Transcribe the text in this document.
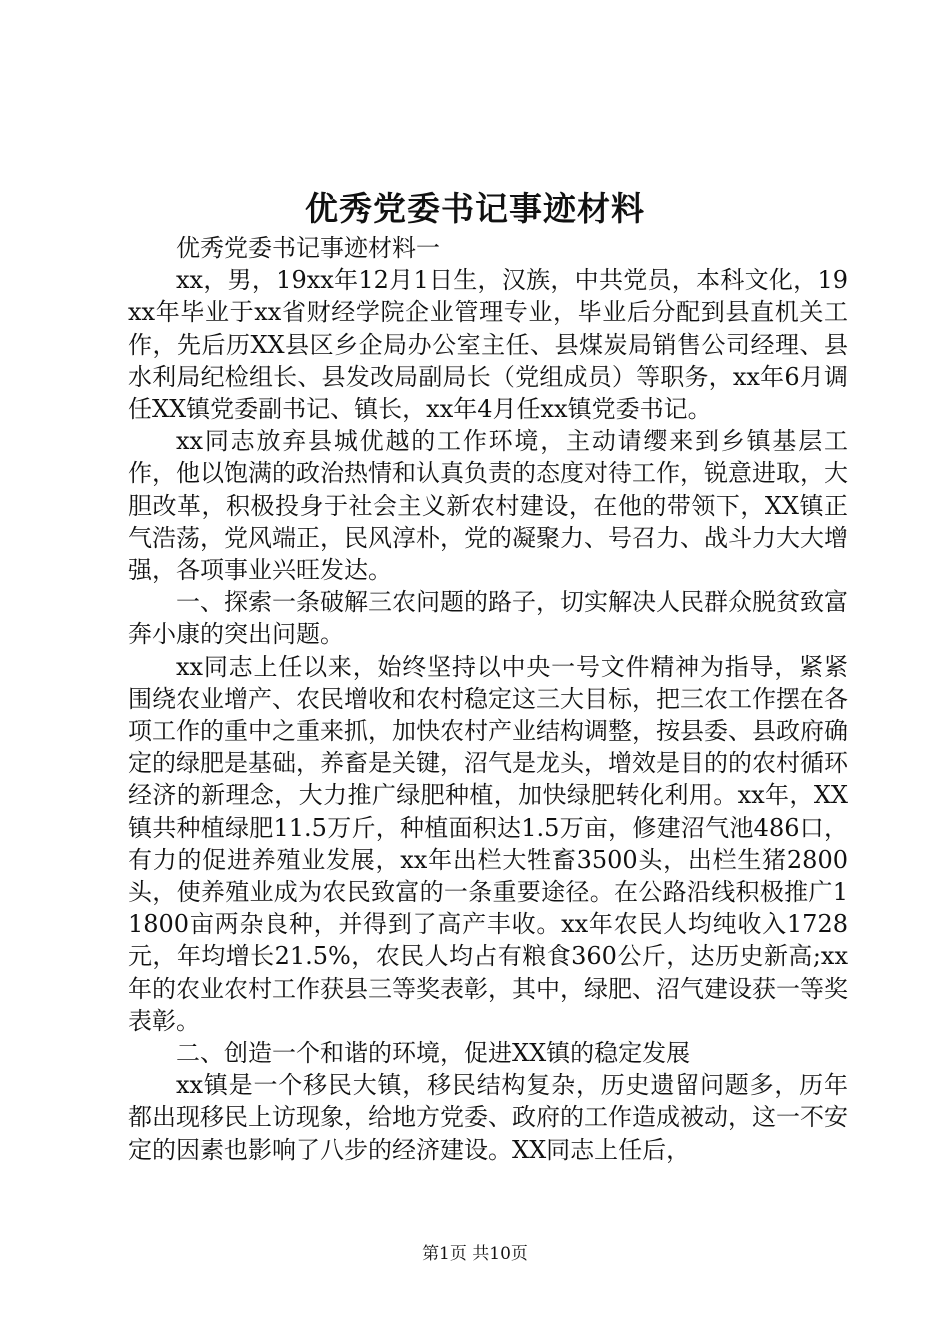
优秀党委书记事迹材料

优秀党委书记事迹材料一

xx，男，19xx年12月1日生，汉族，中共党员，本科文化，19xx年毕业于xx省财经学院企业管理专业，毕业后分配到县直机关工作，先后历XX县区乡企局办公室主任、县煤炭局销售公司经理、县水利局纪检组长、县发改局副局长（党组成员）等职务，xx年6月调任XX镇党委副书记、镇长，xx年4月任xx镇党委书记。

xx同志放弃县城优越的工作环境，主动请缨来到乡镇基层工作，他以饱满的政治热情和认真负责的态度对待工作，锐意进取，大胆改革，积极投身于社会主义新农村建设，在他的带领下，XX镇正气浩荡，党风端正，民风淳朴，党的凝聚力、号召力、战斗力大大增强，各项事业兴旺发达。

一、探索一条破解三农问题的路子，切实解决人民群众脱贫致富奔小康的突出问题。

xx同志上任以来，始终坚持以中央一号文件精神为指导，紧紧围绕农业增产、农民增收和农村稳定这三大目标，把三农工作摆在各项工作的重中之重来抓，加快农村产业结构调整，按县委、县政府确定的绿肥是基础，养畜是关键，沼气是龙头，增效是目的的农村循环经济的新理念，大力推广绿肥种植，加快绿肥转化利用。xx年，XX镇共种植绿肥11.5万斤，种植面积达1.5万亩，修建沼气池486口，有力的促进养殖业发展，xx年出栏大牲畜3500头，出栏生猪2800头，使养殖业成为农民致富的一条重要途径。在公路沿线积极推广11800亩两杂良种，并得到了高产丰收。xx年农民人均纯收入1728元，年均增长21.5%，农民人均占有粮食360公斤，达历史新高;xx年的农业农村工作获县三等奖表彰，其中，绿肥、沼气建设获一等奖表彰。

二、创造一个和谐的环境，促进XX镇的稳定发展

xx镇是一个移民大镇，移民结构复杂，历史遗留问题多，历年都出现移民上访现象，给地方党委、政府的工作造成被动，这一不安定的因素也影响了八步的经济建设。XX同志上任后，

第1页 共10页
